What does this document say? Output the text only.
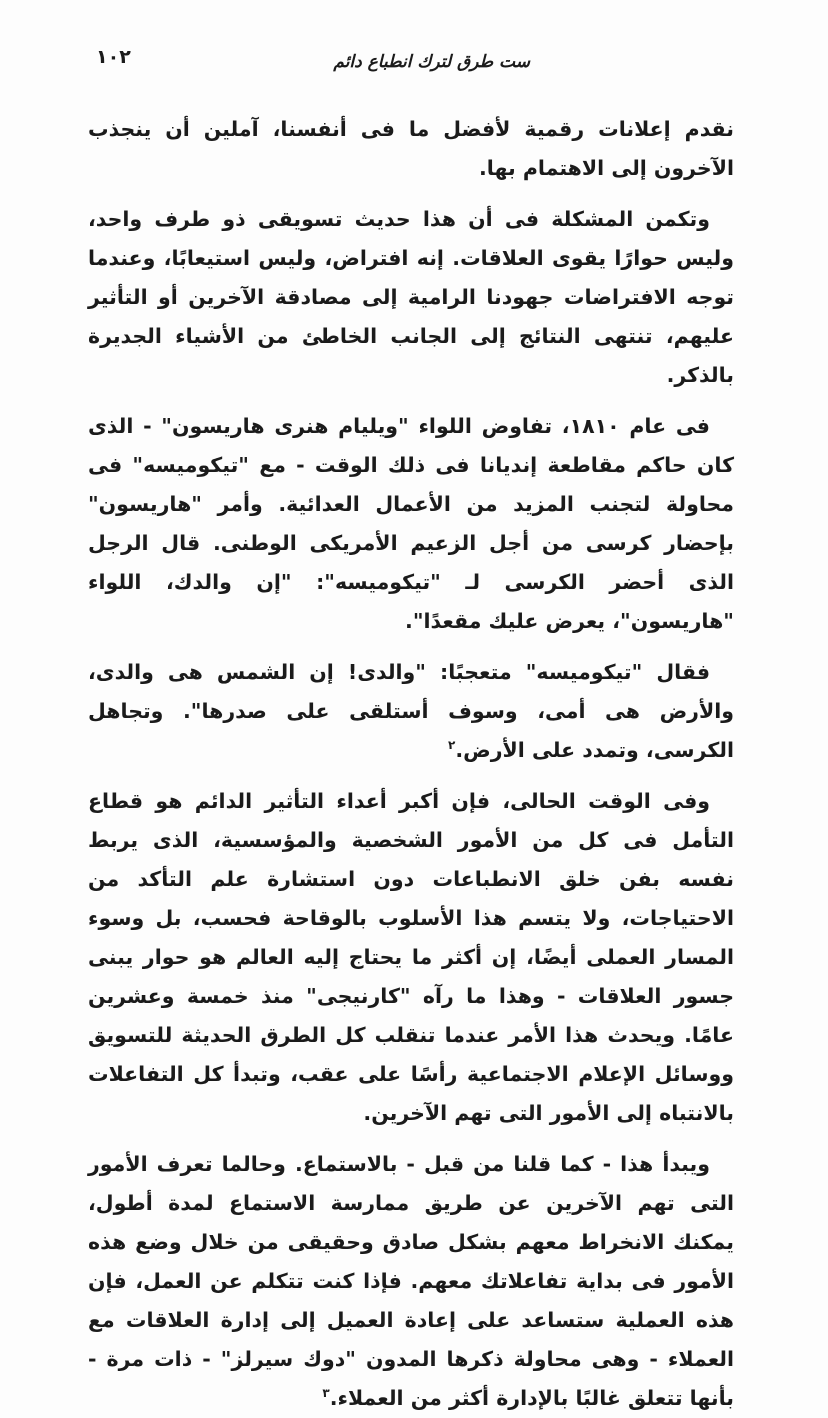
١٠٢	ست طرق لترك انطباع دائم

نقدم إعلانات رقمية لأفضل ما فى أنفسنا، آملين أن ينجذب الآخرون إلى الاهتمام بها.

وتكمن المشكلة فى أن هذا حديث تسويقى ذو طرف واحد، وليس حوارًا يقوى العلاقات. إنه افتراض، وليس استيعابًا، وعندما توجه الافتراضات جهودنا الرامية إلى مصادقة الآخرين أو التأثير عليهم، تنتهى النتائج إلى الجانب الخاطئ من الأشياء الجديرة بالذكر.

فى عام ١٨١٠، تفاوض اللواء "ويليام هنرى هاريسون" - الذى كان حاكم مقاطعة إنديانا فى ذلك الوقت - مع "تيكوميسه" فى محاولة لتجنب المزيد من الأعمال العدائية. وأمر "هاريسون" بإحضار كرسى من أجل الزعيم الأمريكى الوطنى. قال الرجل الذى أحضر الكرسى لـ "تيكوميسه": "إن والدك، اللواء "هاريسون"، يعرض عليك مقعدًا".

فقال "تيكوميسه" متعجبًا: "والدى! إن الشمس هى والدى، والأرض هى أمى، وسوف أستلقى على صدرها". وتجاهل الكرسى، وتمدد على الأرض.$^٢$

وفى الوقت الحالى، فإن أكبر أعداء التأثير الدائم هو قطاع التأمل فى كل من الأمور الشخصية والمؤسسية، الذى يربط نفسه بفن خلق الانطباعات دون استشارة علم التأكد من الاحتياجات، ولا يتسم هذا الأسلوب بالوقاحة فحسب، بل وسوء المسار العملى أيضًا، إن أكثر ما يحتاج إليه العالم هو حوار يبنى جسور العلاقات - وهذا ما رآه "كارنيجى" منذ خمسة وعشرين عامًا. ويحدث هذا الأمر عندما تنقلب كل الطرق الحديثة للتسويق ووسائل الإعلام الاجتماعية رأسًا على عقب، وتبدأ كل التفاعلات بالانتباه إلى الأمور التى تهم الآخرين.

ويبدأ هذا - كما قلنا من قبل - بالاستماع. وحالما تعرف الأمور التى تهم الآخرين عن طريق ممارسة الاستماع لمدة أطول، يمكنك الانخراط معهم بشكل صادق وحقيقى من خلال وضع هذه الأمور فى بداية تفاعلاتك معهم. فإذا كنت تتكلم عن العمل، فإن هذه العملية ستساعد على إعادة العميل إلى إدارة العلاقات مع العملاء - وهى محاولة ذكرها المدون "دوك سيرلز" - ذات مرة - بأنها تتعلق غالبًا بالإدارة أكثر من العملاء.$^٣$
